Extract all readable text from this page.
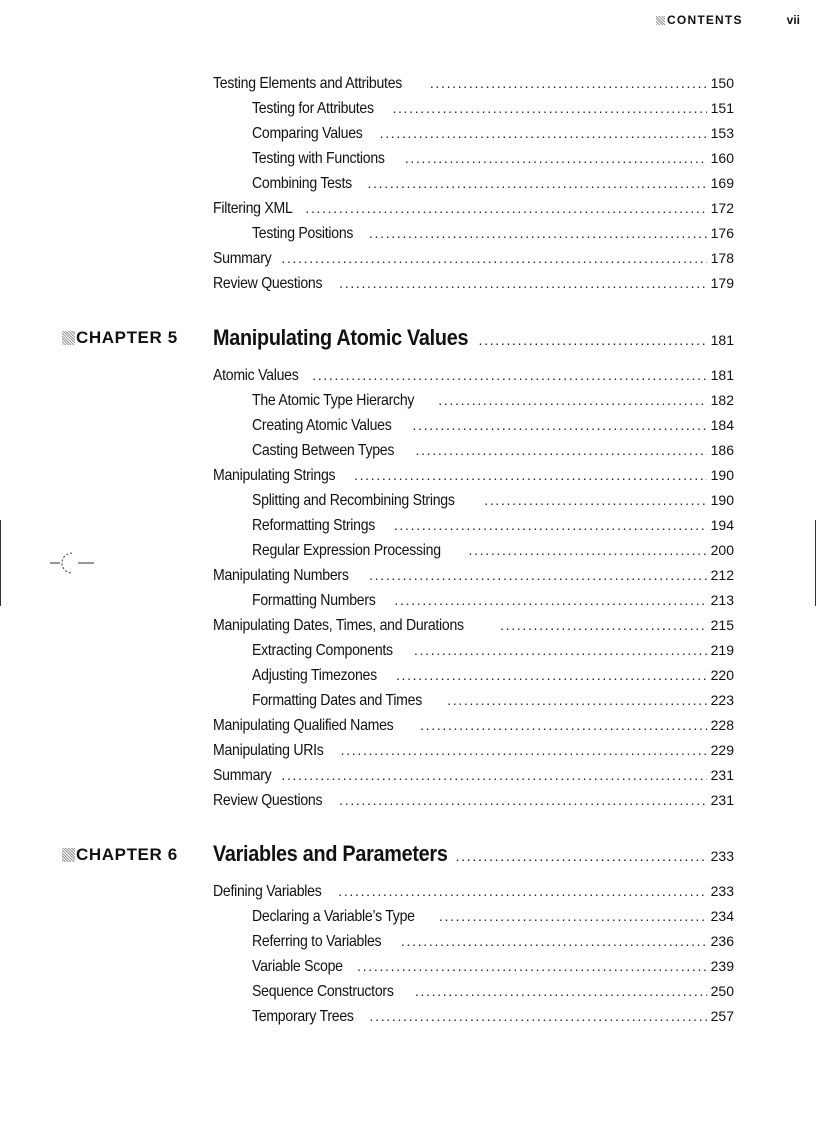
CONTENTS	vii
CHAPTER 5 Manipulating Atomic Values . . .	181
CHAPTER 6 Variables and Parameters . . .	233
Testing Elements and Attributes . . .	150
Testing for Attributes . . .	151
Comparing Values . . .	153
Testing with Functions . . .	160
Combining Tests . . .	169
Filtering XML . . .	172
Testing Positions . . .	176
Summary . . .	178
Review Questions . . .	179
Atomic Values . . .	181
The Atomic Type Hierarchy . . .	182
Creating Atomic Values . . .	184
Casting Between Types . . .	186
Manipulating Strings . . .	190
Splitting and Recombining Strings . . .	190
Reformatting Strings . . .	194
Regular Expression Processing . . .	200
Manipulating Numbers . . .	212
Formatting Numbers . . .	213
Manipulating Dates, Times, and Durations . . .	215
Extracting Components . . .	219
Adjusting Timezones . . .	220
Formatting Dates and Times . . .	223
Manipulating Qualified Names . . .	228
Manipulating URIs . . .	229
Summary . . .	231
Review Questions . . .	231
Defining Variables . . .	233
Declaring a Variable’s Type . . .	234
Referring to Variables . . .	236
Variable Scope . . .	239
Sequence Constructors . . .	250
Temporary Trees . . .	257
